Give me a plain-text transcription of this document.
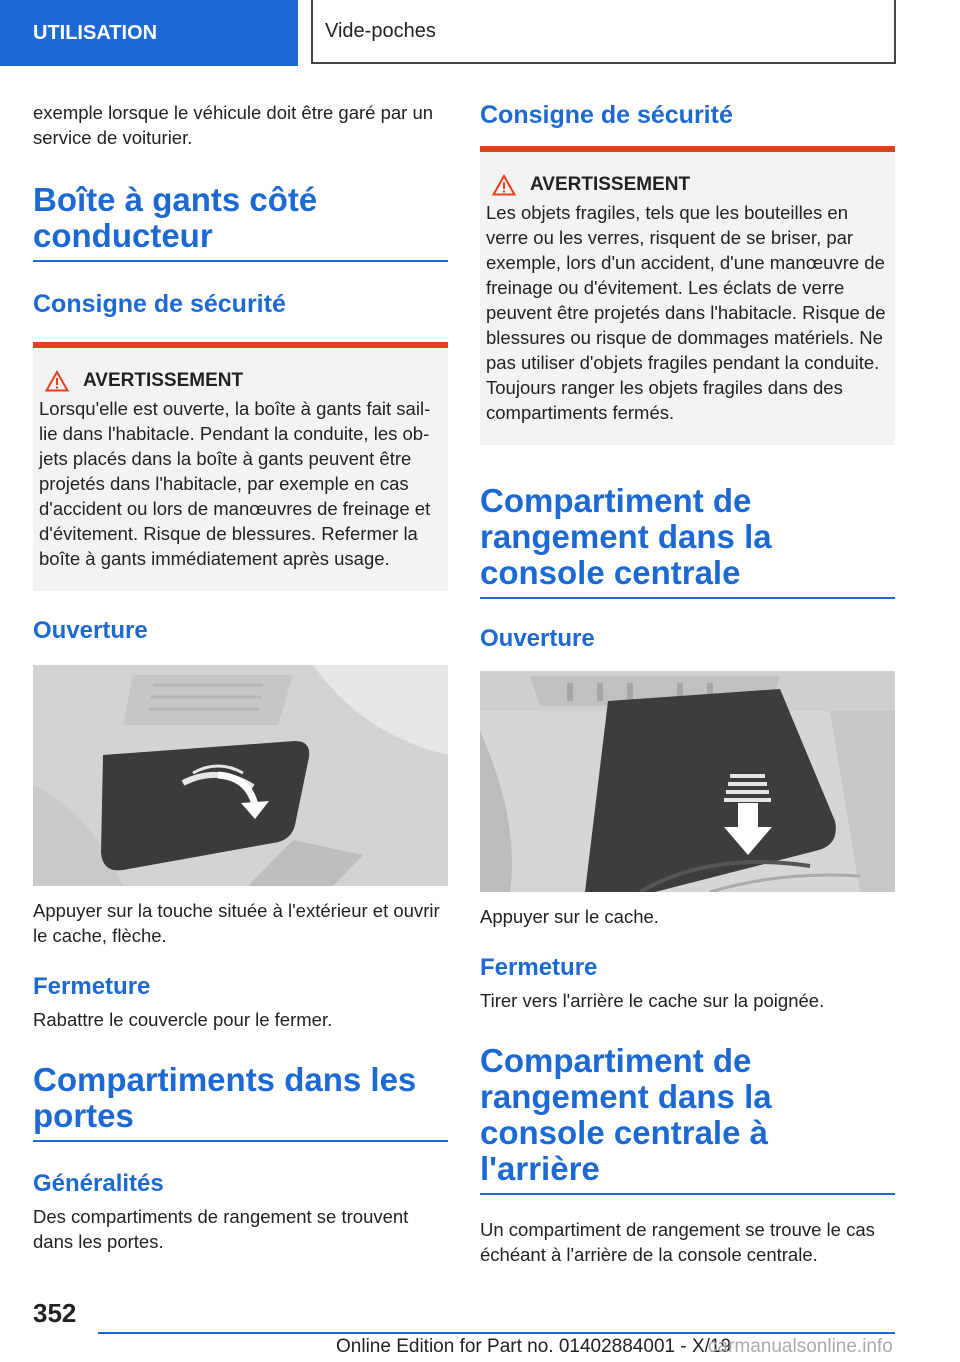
UTILISATION	Vide-poches

exemple lorsque le véhicule doit être garé par un service de voiturier.

Boîte à gants côté conducteur
Consigne de sécurité
AVERTISSEMENT

Lorsqu'elle est ouverte, la boîte à gants fait saillie dans l'habitacle. Pendant la conduite, les objets placés dans la boîte à gants peuvent être projetés dans l'habitacle, par exemple en cas d'accident ou lors de manœuvres de freinage et d'évitement. Risque de blessures. Refermer la boîte à gants immédiatement après usage.

Ouverture

Appuyer sur la touche située à l'extérieur et ouvrir le cache, flèche.

Fermeture

Rabattre le couvercle pour le fermer.

Compartiments dans les portes
Généralités

Des compartiments de rangement se trouvent dans les portes.

Consigne de sécurité
AVERTISSEMENT

Les objets fragiles, tels que les bouteilles en verre ou les verres, risquent de se briser, par exemple, lors d'un accident, d'une manœuvre de freinage ou d'évitement. Les éclats de verre peuvent être projetés dans l'habitacle. Risque de blessures ou risque de dommages matériels. Ne pas utiliser d'objets fragiles pendant la conduite. Toujours ranger les objets fragiles dans des compartiments fermés.

Compartiment de rangement dans la console centrale
Ouverture

Appuyer sur le cache.

Fermeture

Tirer vers l'arrière le cache sur la poignée.

Compartiment de rangement dans la console centrale à l'arrière

Un compartiment de rangement se trouve le cas échéant à l'arrière de la console centrale.

352
Online Edition for Part no. 01402884001 - X/19
carmanualsonline.info
